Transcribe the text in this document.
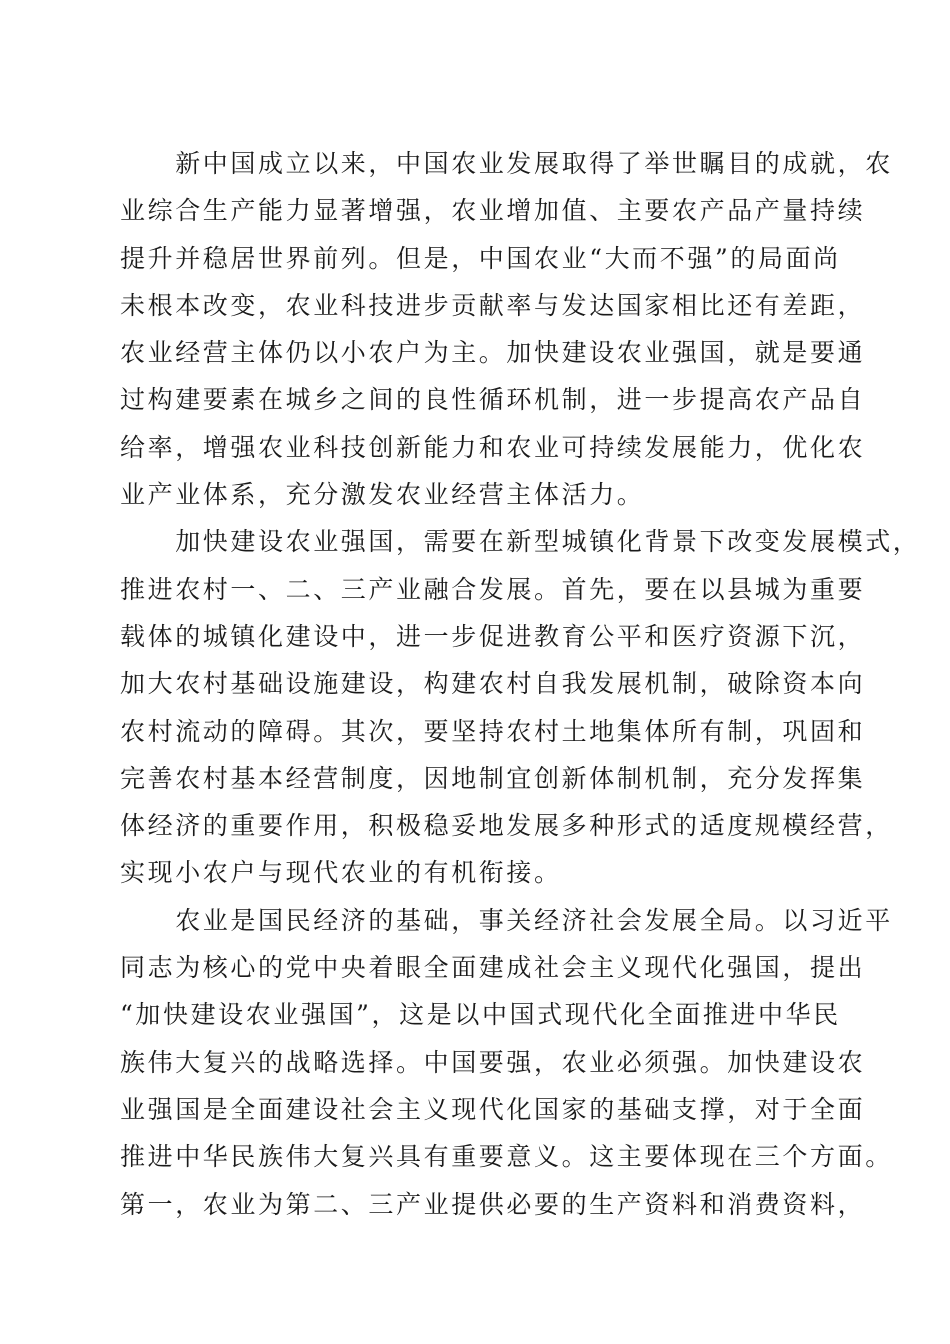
　　新中国成立以来，中国农业发展取得了举世瞩目的成就，农
业综合生产能力显著增强，农业增加值、主要农产品产量持续
提升并稳居世界前列。但是，中国农业“大而不强”的局面尚
未根本改变，农业科技进步贡献率与发达国家相比还有差距，
农业经营主体仍以小农户为主。加快建设农业强国，就是要通
过构建要素在城乡之间的良性循环机制，进一步提高农产品自
给率，增强农业科技创新能力和农业可持续发展能力，优化农
业产业体系，充分激发农业经营主体活力。
　　加快建设农业强国，需要在新型城镇化背景下改变发展模式，
推进农村一、二、三产业融合发展。首先，要在以县城为重要
载体的城镇化建设中，进一步促进教育公平和医疗资源下沉，
加大农村基础设施建设，构建农村自我发展机制，破除资本向
农村流动的障碍。其次，要坚持农村土地集体所有制，巩固和
完善农村基本经营制度，因地制宜创新体制机制，充分发挥集
体经济的重要作用，积极稳妥地发展多种形式的适度规模经营，
实现小农户与现代农业的有机衔接。
　　农业是国民经济的基础，事关经济社会发展全局。以习近平
同志为核心的党中央着眼全面建成社会主义现代化强国，提出
“加快建设农业强国”，这是以中国式现代化全面推进中华民
族伟大复兴的战略选择。中国要强，农业必须强。加快建设农
业强国是全面建设社会主义现代化国家的基础支撑，对于全面
推进中华民族伟大复兴具有重要意义。这主要体现在三个方面。
第一，农业为第二、三产业提供必要的生产资料和消费资料，
